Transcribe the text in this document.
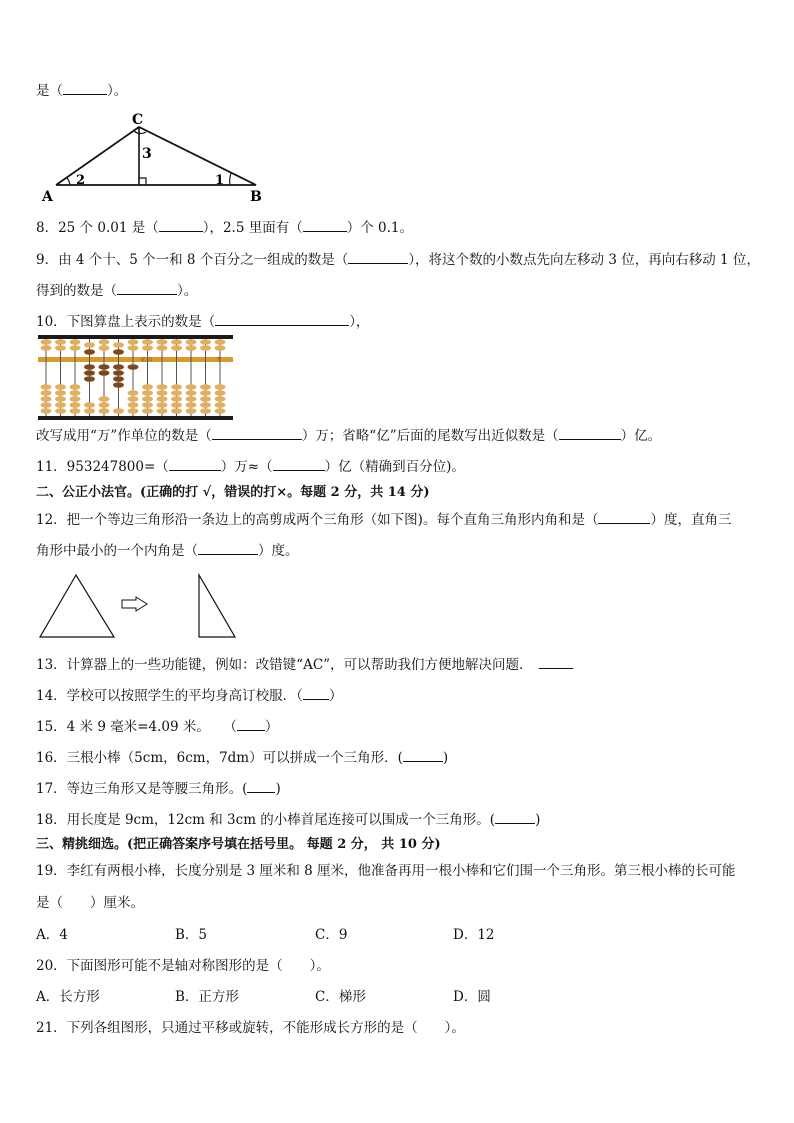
是（	）。
C
A	B
2	1
3
8．25 个 0.01 是（	），2.5 里面有（	）个 0.1。
9．由 4 个十、5 个一和 8 个百分之一组成的数是（	），将这个数的小数点先向左移动 3 位，再向右移动 1 位，
得到的数是（	）。
10．下图算盘上表示的数是（	），
亿 万	个
改写成用“万”作单位的数是（	）万；省略“亿”后面的尾数写出近似数是（	）亿。
11．953247800=（	）万≈（	）亿（精确到百分位)。
二、公正小法官。(正确的打 √，错误的打×。每题 2 分，共 14 分)
12．把一个等边三角形沿一条边上的高剪成两个三角形（如下图)。每个直角三角形内角和是（	）度，直角三
角形中最小的一个内角是（	）度。
13．计算器上的一些功能键，例如：改错键“AC”，可以帮助我们方便地解决问题．
14．学校可以按照学生的平均身高订校服．（ ）
15．4 米 9 毫米=4.09 米。　　（ ）
16．三根小棒（5cm，6cm，7dm）可以拼成一个三角形．(	)
17．等边三角形又是等腰三角形。( )
18．用长度是 9cm，12cm 和 3cm 的小棒首尾连接可以围成一个三角形。(	)
三、精挑细选。(把正确答案序号填在括号里。 每题 2 分， 共 10 分)
19．李红有两根小棒，长度分别是 3 厘米和 8 厘米，他准备再用一根小棒和它们围一个三角形。第三根小棒的长可能
是（　　）厘米。
A．4	B．5	C．9	D．12
20．下面图形可能不是轴对称图形的是（　　）。
A．长方形	B．正方形	C．梯形	D．圆
21．下列各组图形，只通过平移或旋转，不能形成长方形的是（　　）。
